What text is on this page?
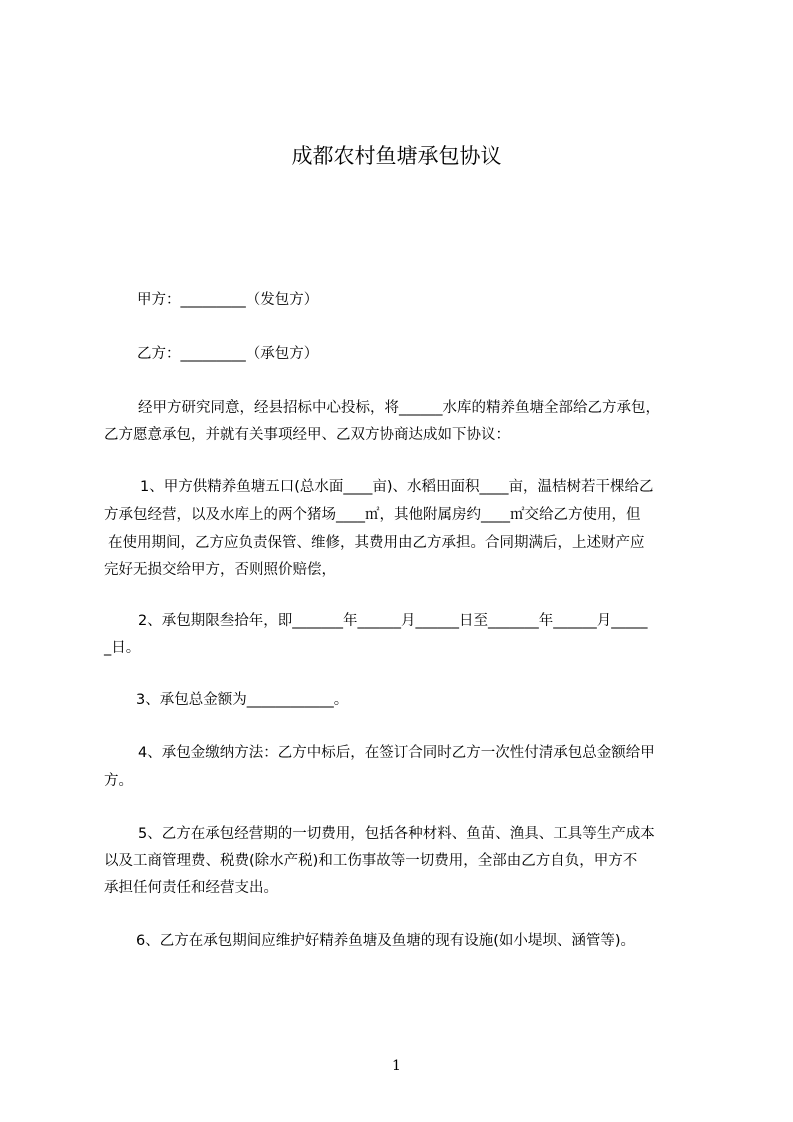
成都农村鱼塘承包协议

甲方：_________（发包方）

乙方：_________（承包方）

经甲方研究同意，经县招标中心投标，将______水库的精养鱼塘全部给乙方承包，

乙方愿意承包，并就有关事项经甲、乙双方协商达成如下协议：

1、甲方供精养鱼塘五口(总水面____亩)、水稻田面积____亩，温桔树若干棵给乙

方承包经营，以及水库上的两个猪场____㎡，其他附属房约____㎡交给乙方使用，但

在使用期间，乙方应负责保管、维修，其费用由乙方承担。合同期满后，上述财产应

完好无损交给甲方，否则照价赔偿，

2、承包期限叁拾年，即_______年______月______日至_______年______月_____

_日。

3、承包总金额为____________。

4、承包金缴纳方法：乙方中标后，在签订合同时乙方一次性付清承包总金额给甲

方。

5、乙方在承包经营期的一切费用，包括各种材料、鱼苗、渔具、工具等生产成本

以及工商管理费、税费(除水产税)和工伤事故等一切费用，全部由乙方自负，甲方不

承担任何责任和经营支出。

6、乙方在承包期间应维护好精养鱼塘及鱼塘的现有设施(如小堤坝、涵管等)。

1
